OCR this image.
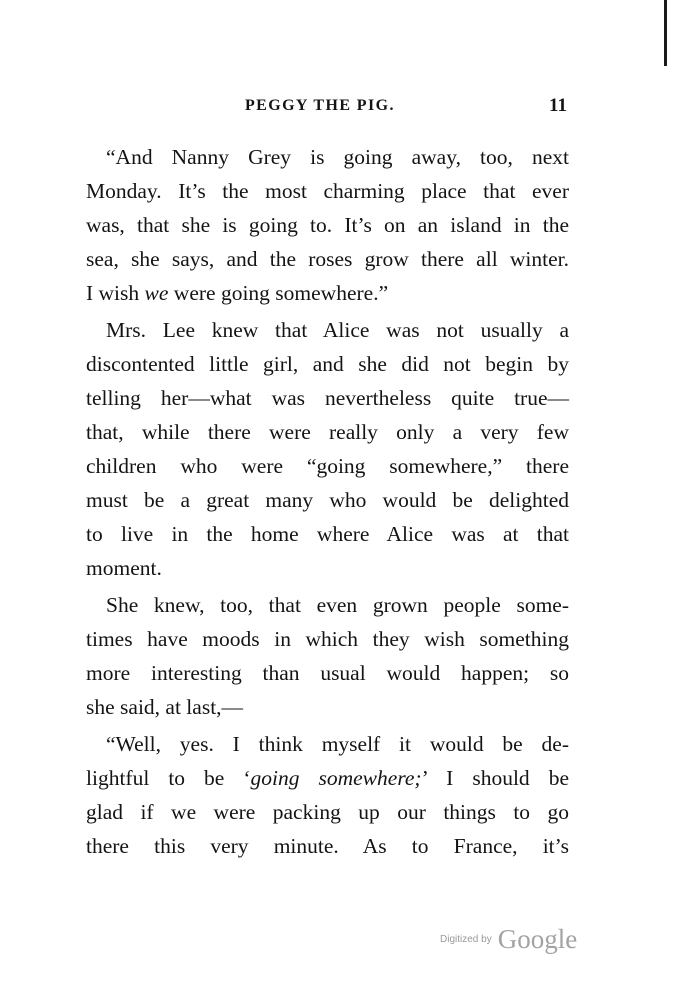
PEGGY THE PIG.	11

“And Nanny Grey is going away, too, next
Monday. It’s the most charming place that ever
was, that she is going to. It’s on an island in the
sea, she says, and the roses grow there all winter.
I wish we were going somewhere.”

Mrs. Lee knew that Alice was not usually a
discontented little girl, and she did not begin by
telling her—what was nevertheless quite true—
that, while there were really only a very few
children who were “going somewhere,” there
must be a great many who would be delighted
to live in the home where Alice was at that
moment.

She knew, too, that even grown people some-
times have moods in which they wish something
more interesting than usual would happen; so
she said, at last,—

“Well, yes. I think myself it would be de-
lightful to be ‘going somewhere;’ I should be
glad if we were packing up our things to go
there this very minute. As to France, it’s

Digitized by Google
